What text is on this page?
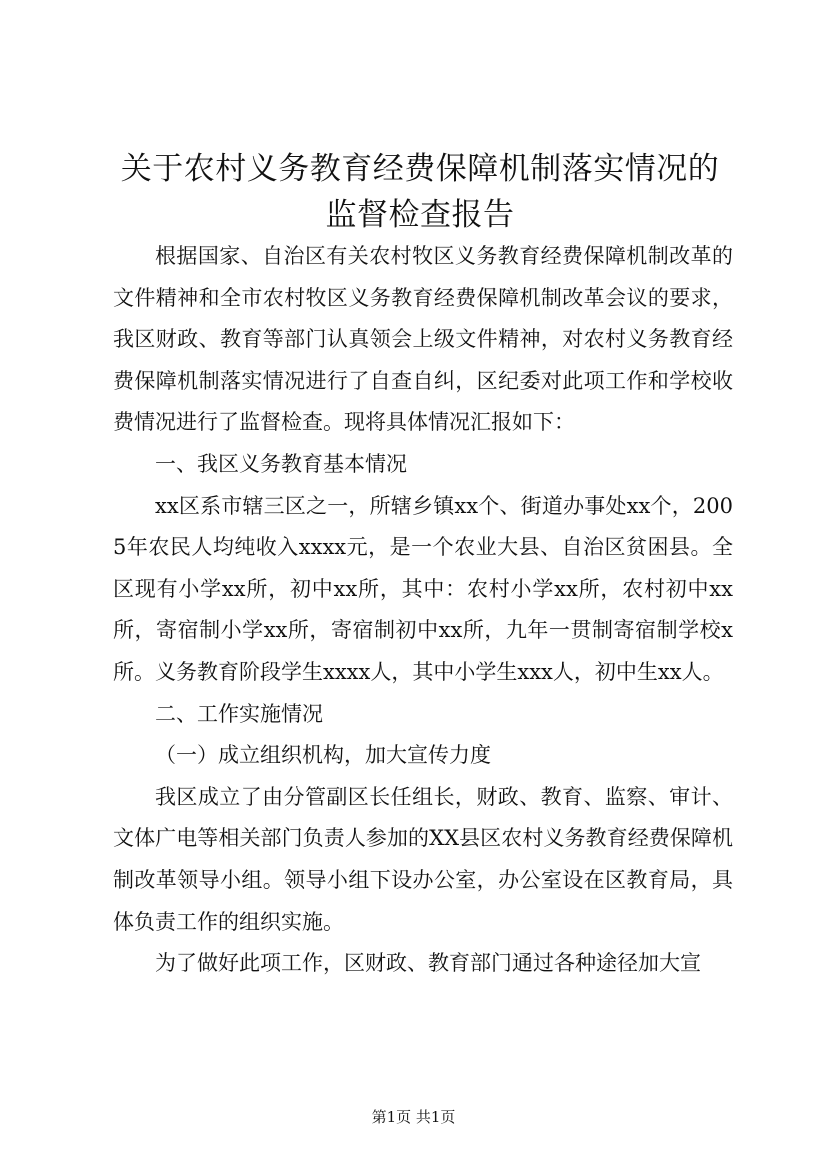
关于农村义务教育经费保障机制落实情况的监督检查报告

根据国家、自治区有关农村牧区义务教育经费保障机制改革的文件精神和全市农村牧区义务教育经费保障机制改革会议的要求，我区财政、教育等部门认真领会上级文件精神，对农村义务教育经费保障机制落实情况进行了自查自纠，区纪委对此项工作和学校收费情况进行了监督检查。现将具体情况汇报如下：

一、我区义务教育基本情况

xx区系市辖三区之一，所辖乡镇xx个、街道办事处xx个，2005年农民人均纯收入xxxx元，是一个农业大县、自治区贫困县。全区现有小学xx所，初中xx所，其中：农村小学xx所，农村初中xx所，寄宿制小学xx所，寄宿制初中xx所，九年一贯制寄宿制学校x所。义务教育阶段学生xxxx人，其中小学生xxx人，初中生xx人。

二、工作实施情况

（一）成立组织机构，加大宣传力度

我区成立了由分管副区长任组长，财政、教育、监察、审计、文体广电等相关部门负责人参加的XX县区农村义务教育经费保障机制改革领导小组。领导小组下设办公室，办公室设在区教育局，具体负责工作的组织实施。

为了做好此项工作，区财政、教育部门通过各种途径加大宣

第1页 共1页
